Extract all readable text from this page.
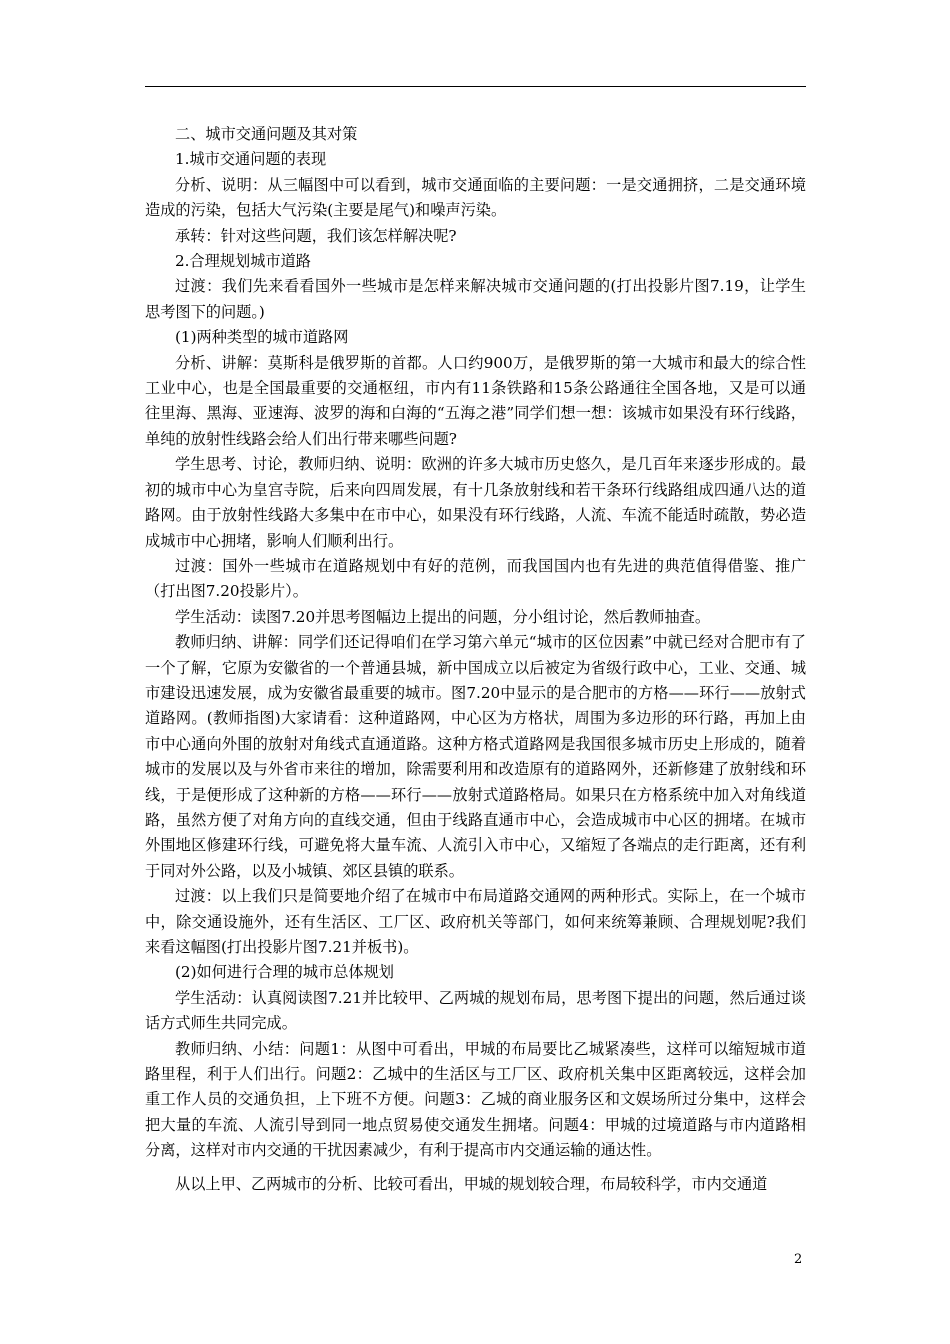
二、城市交通问题及其对策

1.城市交通问题的表现

分析、说明：从三幅图中可以看到，城市交通面临的主要问题：一是交通拥挤，二是交通环境造成的污染，包括大气污染(主要是尾气)和噪声污染。

承转：针对这些问题，我们该怎样解决呢?

2.合理规划城市道路

过渡：我们先来看看国外一些城市是怎样来解决城市交通问题的(打出投影片图7.19，让学生思考图下的问题。)

(1)两种类型的城市道路网

分析、讲解：莫斯科是俄罗斯的首都。人口约900万，是俄罗斯的第一大城市和最大的综合性工业中心，也是全国最重要的交通枢纽，市内有11条铁路和15条公路通往全国各地，又是可以通往里海、黑海、亚速海、波罗的海和白海的“五海之港”同学们想一想：该城市如果没有环行线路，单纯的放射性线路会给人们出行带来哪些问题?

学生思考、讨论，教师归纳、说明：欧洲的许多大城市历史悠久，是几百年来逐步形成的。最初的城市中心为皇宫寺院，后来向四周发展，有十几条放射线和若干条环行线路组成四通八达的道路网。由于放射性线路大多集中在市中心，如果没有环行线路，人流、车流不能适时疏散，势必造成城市中心拥堵，影响人们顺利出行。

过渡：国外一些城市在道路规划中有好的范例，而我国国内也有先进的典范值得借鉴、推广（打出图7.20投影片）。

学生活动：读图7.20并思考图幅边上提出的问题，分小组讨论，然后教师抽查。

教师归纳、讲解：同学们还记得咱们在学习第六单元“城市的区位因素”中就已经对合肥市有了一个了解，它原为安徽省的一个普通县城，新中国成立以后被定为省级行政中心，工业、交通、城市建设迅速发展，成为安徽省最重要的城市。图7.20中显示的是合肥市的方格——环行——放射式道路网。(教师指图)大家请看：这种道路网，中心区为方格状，周围为多边形的环行路，再加上由市中心通向外围的放射对角线式直通道路。这种方格式道路网是我国很多城市历史上形成的，随着城市的发展以及与外省市来往的增加，除需要利用和改造原有的道路网外，还新修建了放射线和环线，于是便形成了这种新的方格——环行——放射式道路格局。如果只在方格系统中加入对角线道路，虽然方便了对角方向的直线交通，但由于线路直通市中心，会造成城市中心区的拥堵。在城市外围地区修建环行线，可避免将大量车流、人流引入市中心，又缩短了各端点的走行距离，还有利于同对外公路，以及小城镇、郊区县镇的联系。

过渡：以上我们只是简要地介绍了在城市中布局道路交通网的两种形式。实际上，在一个城市中，除交通设施外，还有生活区、工厂区、政府机关等部门，如何来统筹兼顾、合理规划呢?我们来看这幅图(打出投影片图7.21并板书)。

(2)如何进行合理的城市总体规划

学生活动：认真阅读图7.21并比较甲、乙两城的规划布局，思考图下提出的问题，然后通过谈话方式师生共同完成。

教师归纳、小结：问题1：从图中可看出，甲城的布局要比乙城紧凑些，这样可以缩短城市道路里程，利于人们出行。问题2：乙城中的生活区与工厂区、政府机关集中区距离较远，这样会加重工作人员的交通负担，上下班不方便。问题3：乙城的商业服务区和文娱场所过分集中，这样会把大量的车流、人流引导到同一地点贸易使交通发生拥堵。问题4：甲城的过境道路与市内道路相分离，这样对市内交通的干扰因素减少，有利于提高市内交通运输的通达性。

从以上甲、乙两城市的分析、比较可看出，甲城的规划较合理，布局较科学，市内交通道

2
